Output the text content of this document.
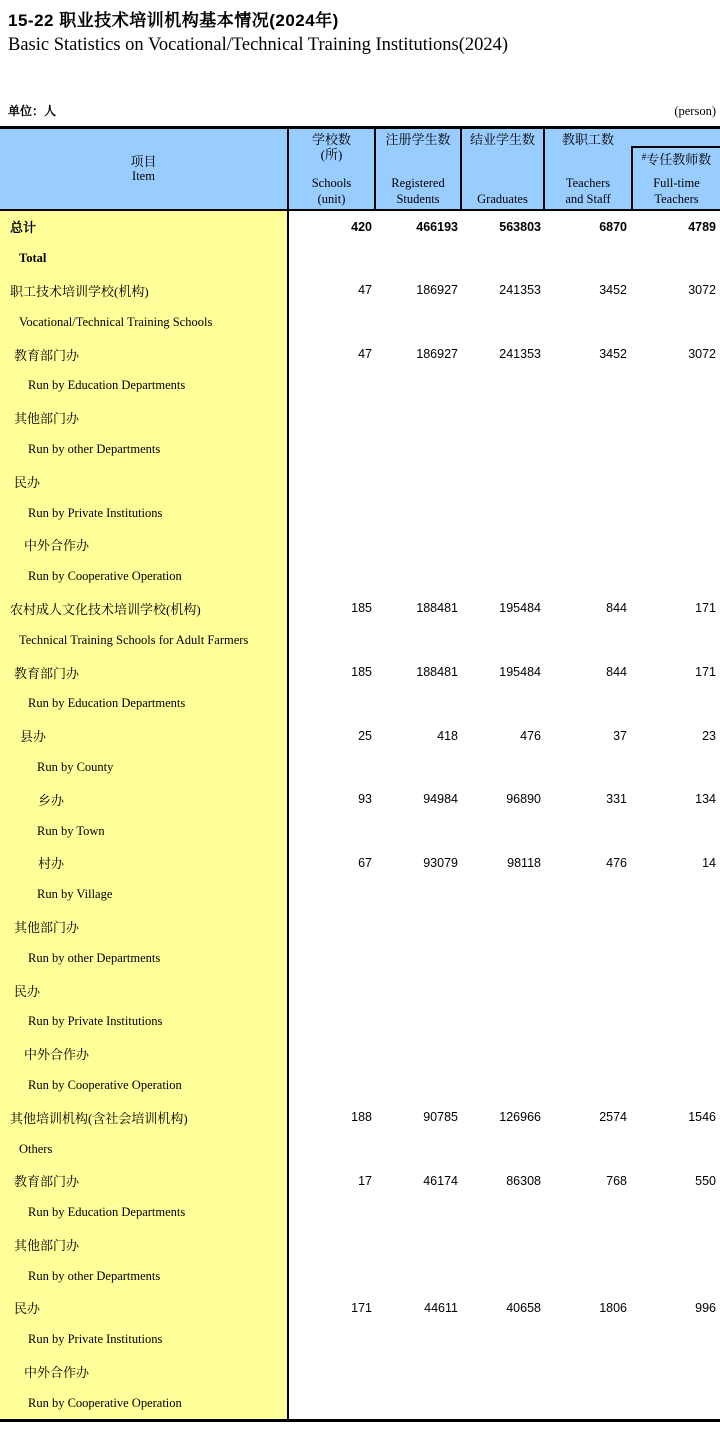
15-22 职业技术培训机构基本情况(2024年)
Basic Statistics on Vocational/Technical Training Institutions(2024)
单位：人	(person)
项目
Item
学校数
(所)
Schools
(unit)
注册学生数
Registered
Students
结业学生数
Graduates
教职工数
Teachers
and Staff
#专任教师数
Full-time
Teachers
总计	420	466193	563803	6870	4789
Total
职工技术培训学校(机构)	47	186927	241353	3452	3072
Vocational/Technical Training Schools
教育部门办	47	186927	241353	3452	3072
Run by Education Departments
其他部门办
Run by other Departments
民办
Run by Private Institutions
中外合作办
Run by Cooperative Operation
农村成人文化技术培训学校(机构)	185	188481	195484	844	171
Technical Training Schools for Adult Farmers
教育部门办	185	188481	195484	844	171
Run by Education Departments
县办	25	418	476	37	23
Run by County
乡办	93	94984	96890	331	134
Run by Town
村办	67	93079	98118	476	14
Run by Village
其他部门办
Run by other Departments
民办
Run by Private Institutions
中外合作办
Run by Cooperative Operation
其他培训机构(含社会培训机构)	188	90785	126966	2574	1546
Others
教育部门办	17	46174	86308	768	550
Run by Education Departments
其他部门办
Run by other Departments
民办	171	44611	40658	1806	996
Run by Private Institutions
中外合作办
Run by Cooperative Operation
